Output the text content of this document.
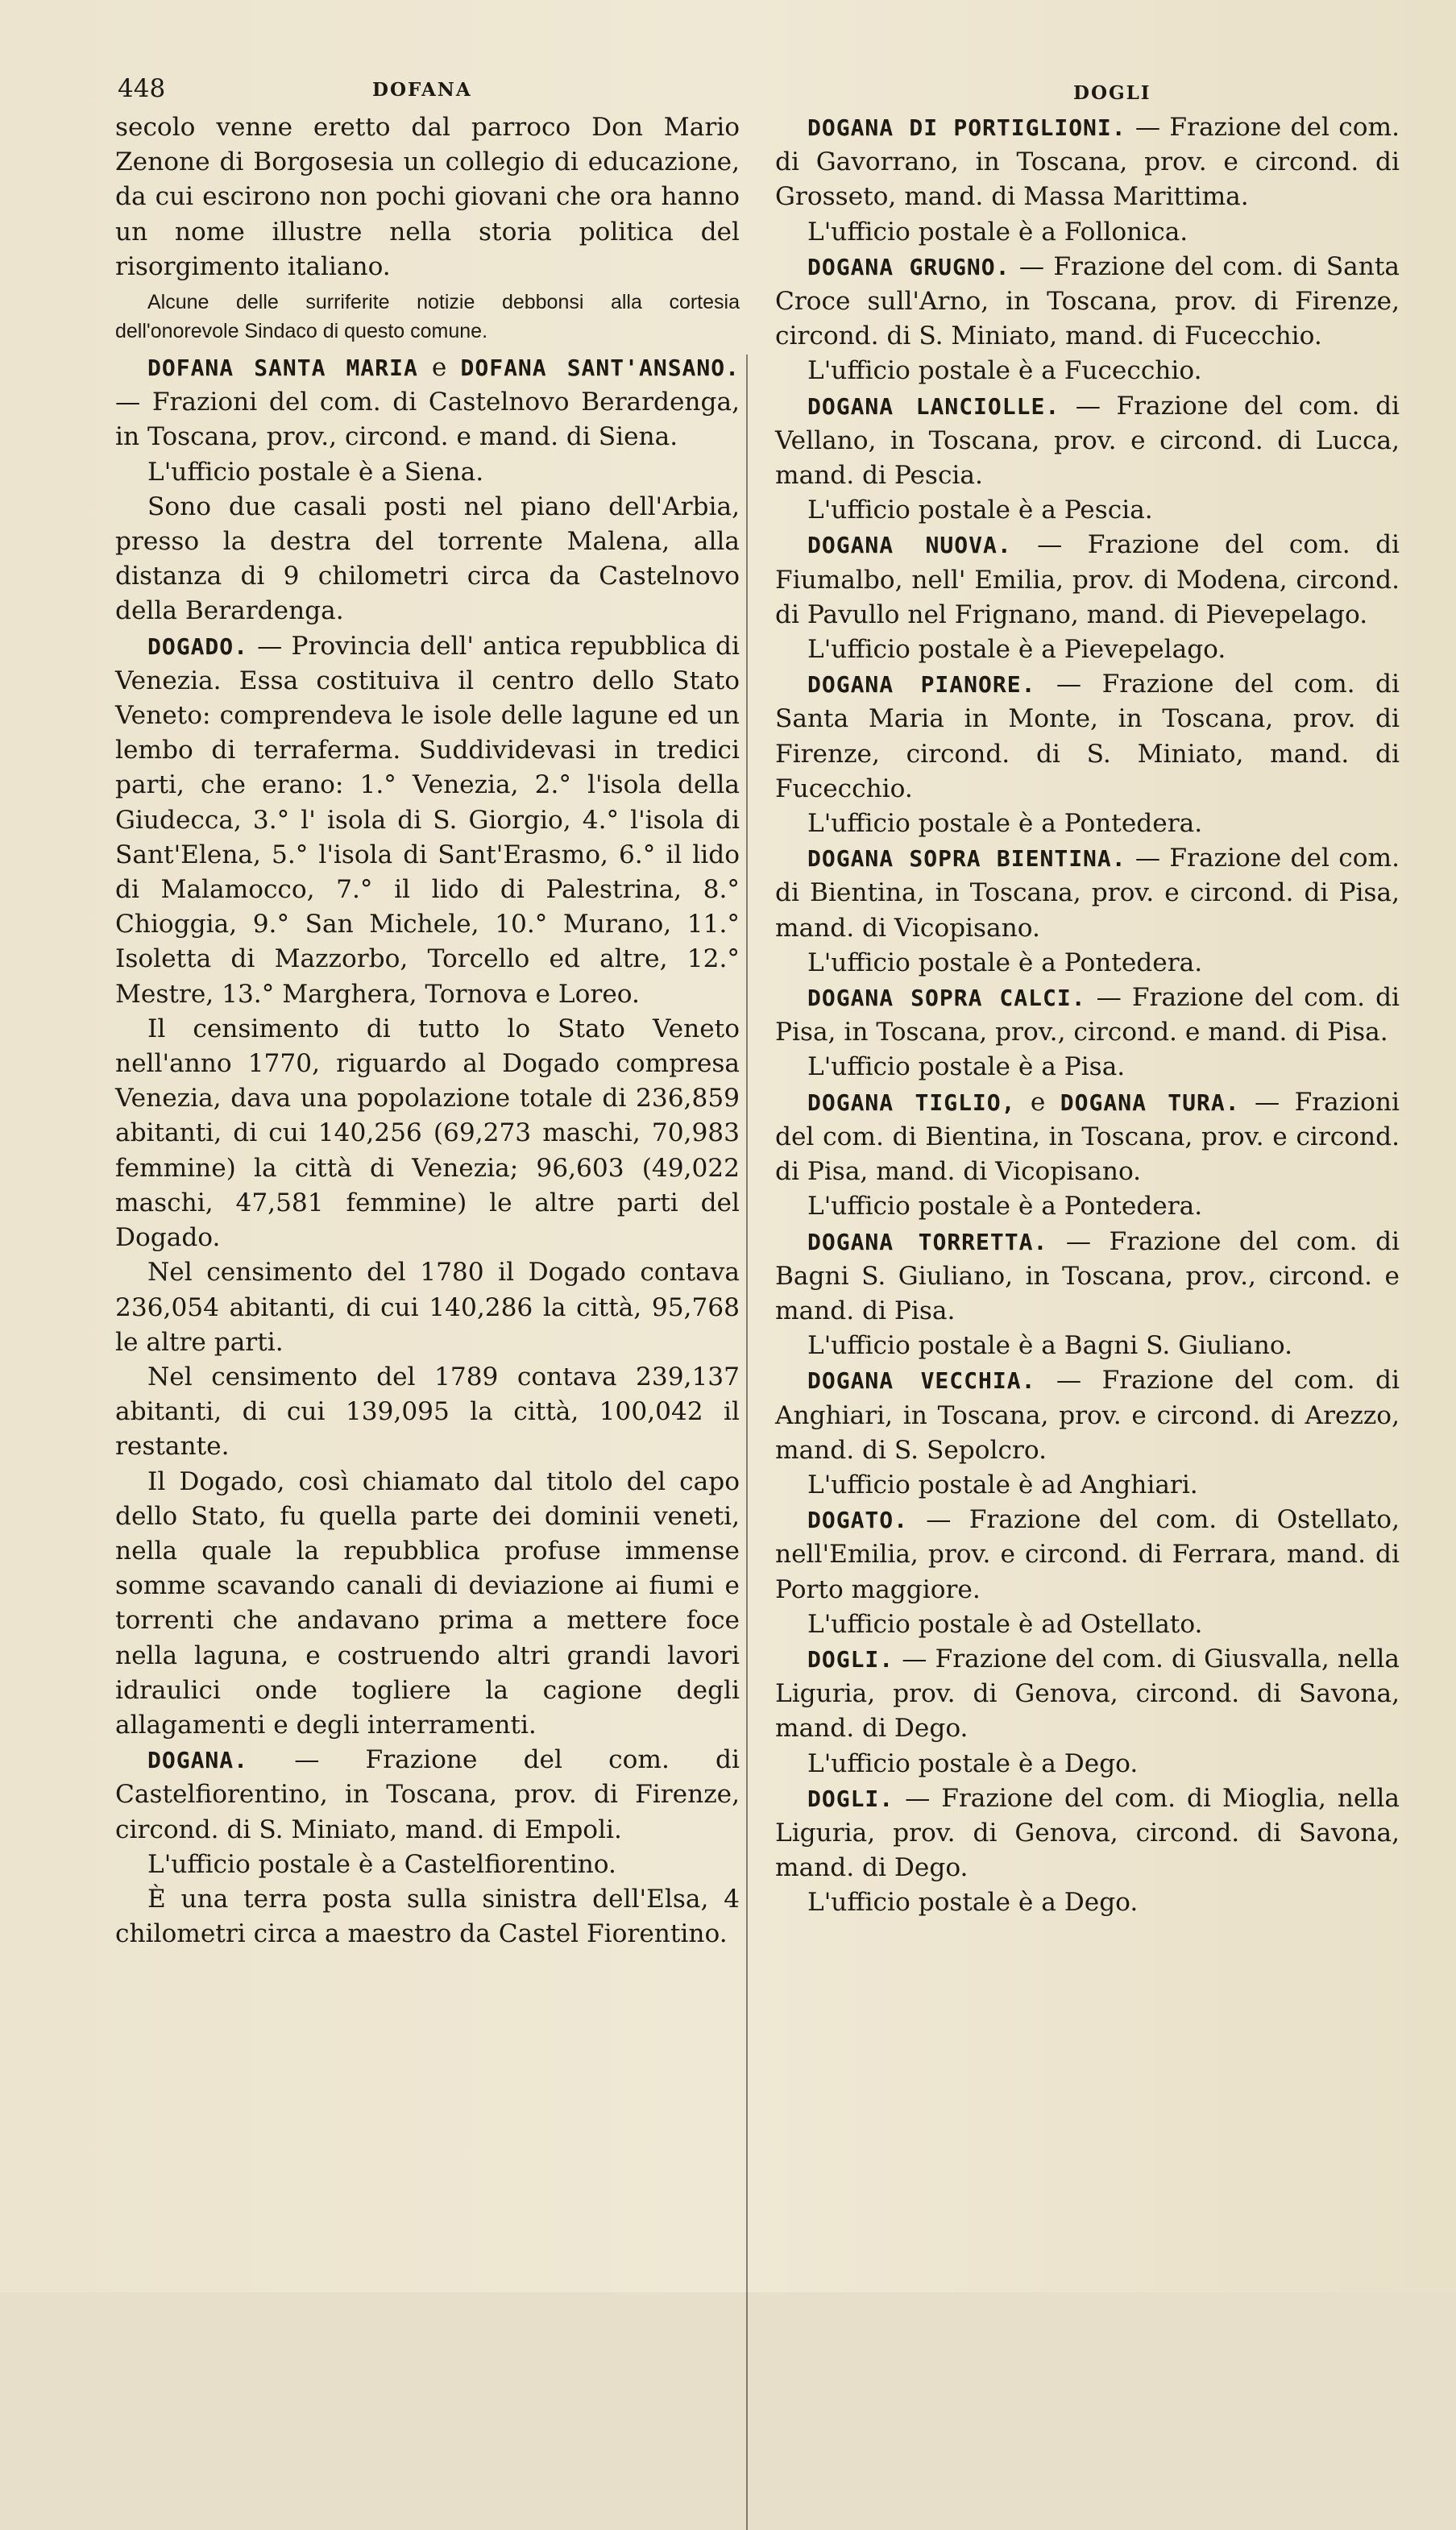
448	DOFANA	DOGLI

secolo venne eretto dal parroco Don Mario Zenone di Borgosesia un collegio di educazione, da cui escirono non pochi giovani che ora hanno un nome illustre nella storia politica del risorgimento italiano.

Alcune delle surriferite notizie debbonsi alla cortesia dell'onorevole Sindaco di questo comune.

DOFANA SANTA MARIA e DOFANA SANT'ANSANO. — Frazioni del com. di Castelnovo Berardenga, in Toscana, prov., circond. e mand. di Siena.

L'ufficio postale è a Siena.

Sono due casali posti nel piano dell'Arbia, presso la destra del torrente Malena, alla distanza di 9 chilometri circa da Castelnovo della Berardenga.

DOGADO. — Provincia dell' antica repubblica di Venezia. Essa costituiva il centro dello Stato Veneto: comprendeva le isole delle lagune ed un lembo di terraferma. Suddividevasi in tredici parti, che erano: 1.° Venezia, 2.° l'isola della Giudecca, 3.° l' isola di S. Giorgio, 4.° l'isola di Sant'Elena, 5.° l'isola di Sant'Erasmo, 6.° il lido di Malamocco, 7.° il lido di Palestrina, 8.° Chioggia, 9.° San Michele, 10.° Murano, 11.° Isoletta di Mazzorbo, Torcello ed altre, 12.° Mestre, 13.° Marghera, Tornova e Loreo.

Il censimento di tutto lo Stato Veneto nell'anno 1770, riguardo al Dogado compresa Venezia, dava una popolazione totale di 236,859 abitanti, di cui 140,256 (69,273 maschi, 70,983 femmine) la città di Venezia; 96,603 (49,022 maschi, 47,581 femmine) le altre parti del Dogado.

Nel censimento del 1780 il Dogado contava 236,054 abitanti, di cui 140,286 la città, 95,768 le altre parti.

Nel censimento del 1789 contava 239,137 abitanti, di cui 139,095 la città, 100,042 il restante.

Il Dogado, così chiamato dal titolo del capo dello Stato, fu quella parte dei dominii veneti, nella quale la repubblica profuse immense somme scavando canali di deviazione ai fiumi e torrenti che andavano prima a mettere foce nella laguna, e costruendo altri grandi lavori idraulici onde togliere la cagione degli allagamenti e degli interramenti.

DOGANA. — Frazione del com. di Castelfiorentino, in Toscana, prov. di Firenze, circond. di S. Miniato, mand. di Empoli.

L'ufficio postale è a Castelfiorentino.

È una terra posta sulla sinistra dell'Elsa, 4 chilometri circa a maestro da Castel Fiorentino.

DOGANA DI PORTIGLIONI. — Frazione del com. di Gavorrano, in Toscana, prov. e circond. di Grosseto, mand. di Massa Marittima.

L'ufficio postale è a Follonica.

DOGANA GRUGNO. — Frazione del com. di Santa Croce sull'Arno, in Toscana, prov. di Firenze, circond. di S. Miniato, mand. di Fucecchio.

L'ufficio postale è a Fucecchio.

DOGANA LANCIOLLE. — Frazione del com. di Vellano, in Toscana, prov. e circond. di Lucca, mand. di Pescia.

L'ufficio postale è a Pescia.

DOGANA NUOVA. — Frazione del com. di Fiumalbo, nell' Emilia, prov. di Modena, circond. di Pavullo nel Frignano, mand. di Pievepelago.

L'ufficio postale è a Pievepelago.

DOGANA PIANORE. — Frazione del com. di Santa Maria in Monte, in Toscana, prov. di Firenze, circond. di S. Miniato, mand. di Fucecchio.

L'ufficio postale è a Pontedera.

DOGANA SOPRA BIENTINA. — Frazione del com. di Bientina, in Toscana, prov. e circond. di Pisa, mand. di Vicopisano.

L'ufficio postale è a Pontedera.

DOGANA SOPRA CALCI. — Frazione del com. di Pisa, in Toscana, prov., circond. e mand. di Pisa.

L'ufficio postale è a Pisa.

DOGANA TIGLIO, e DOGANA TURA. — Frazioni del com. di Bientina, in Toscana, prov. e circond. di Pisa, mand. di Vicopisano.

L'ufficio postale è a Pontedera.

DOGANA TORRETTA. — Frazione del com. di Bagni S. Giuliano, in Toscana, prov., circond. e mand. di Pisa.

L'ufficio postale è a Bagni S. Giuliano.

DOGANA VECCHIA. — Frazione del com. di Anghiari, in Toscana, prov. e circond. di Arezzo, mand. di S. Sepolcro.

L'ufficio postale è ad Anghiari.

DOGATO. — Frazione del com. di Ostellato, nell'Emilia, prov. e circond. di Ferrara, mand. di Porto maggiore.

L'ufficio postale è ad Ostellato.

DOGLI. — Frazione del com. di Giusvalla, nella Liguria, prov. di Genova, circond. di Savona, mand. di Dego.

L'ufficio postale è a Dego.

DOGLI. — Frazione del com. di Mioglia, nella Liguria, prov. di Genova, circond. di Savona, mand. di Dego.

L'ufficio postale è a Dego.
